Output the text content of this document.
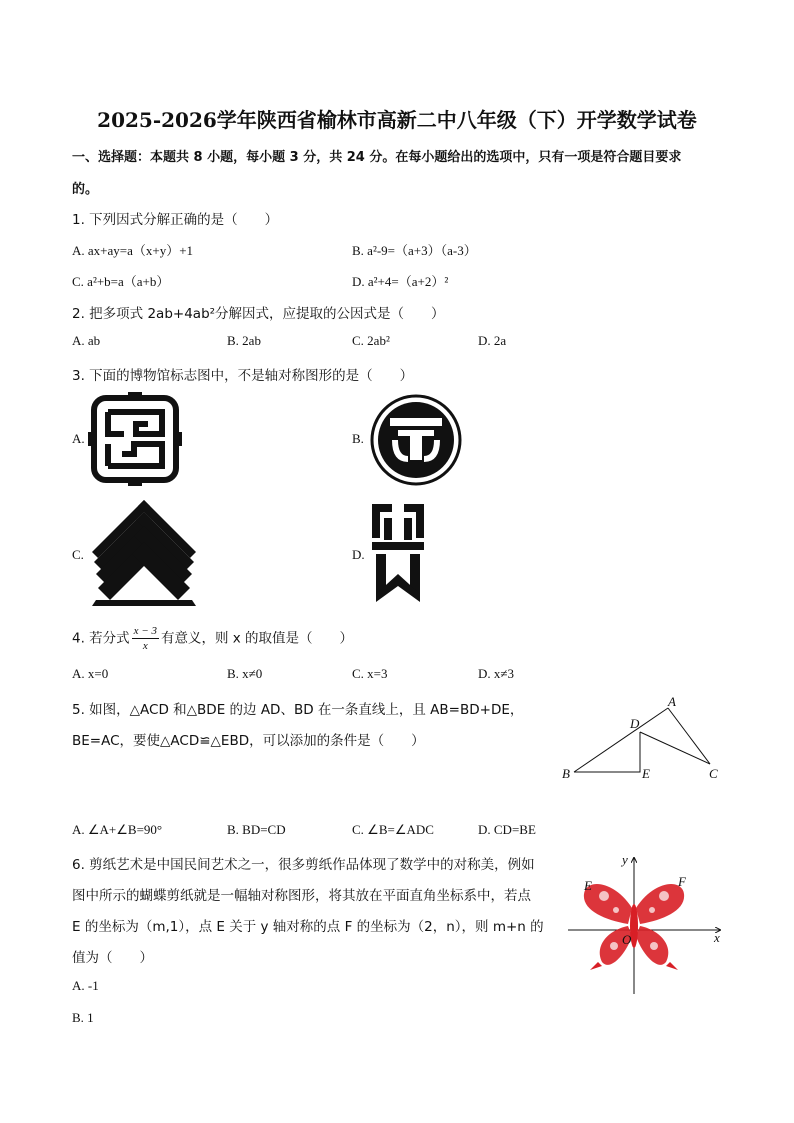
2025-2026学年陕西省榆林市高新二中八年级（下）开学数学试卷
一、选择题：本题共 8 小题，每小题 3 分，共 24 分。在每小题给出的选项中，只有一项是符合题目要求
的。
1. 下列因式分解正确的是（　　）
A. ax+ay=a（x+y）+1	B. a²-9=（a+3）（a-3）
C. a²+b=a（a+b）	D. a²+4=（a+2）²
2. 把多项式 2ab+4ab²分解因式，应提取的公因式是（　　）
A. ab	B. 2ab	C. 2ab²	D. 2a
3. 下面的博物馆标志图中，不是轴对称图形的是（　　）
A.	B.
C.	D.
4. 若分式 $\frac{x - 3}{x}$ 有意义，则 x 的取值是（　　）
A. x=0	B. x≠0	C. x=3	D. x≠3
5. 如图，△ACD 和△BDE 的边 AD、BD 在一条直线上，且 AB=BD+DE，
BE=AC，要使△ACD≌△EBD，可以添加的条件是（　　）
A
B	C
D
E
A. ∠A+∠B=90°	B. BD=CD	C. ∠B=∠ADC	D. CD=BE
6. 剪纸艺术是中国民间艺术之一，很多剪纸作品体现了数学中的对称美，例如
图中所示的蝴蝶剪纸就是一幅轴对称图形，将其放在平面直角坐标系中，若点
E 的坐标为（m,1），点 E 关于 y 轴对称的点 F 的坐标为（2，n），则 m+n 的
值为（　　）
A. -1
B. 1
x
y
E	F
O
